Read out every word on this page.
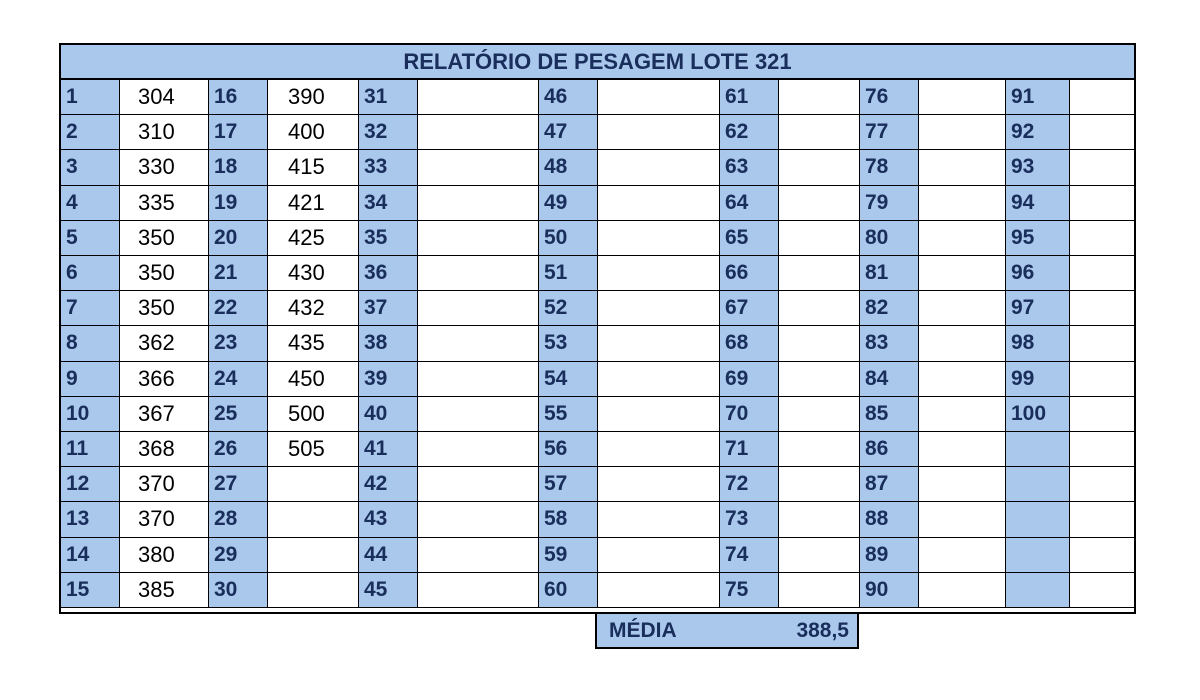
RELATÓRIO DE PESAGEM LOTE 321
1	304
2	310
3	330
4	335
5	350
6	350
7	350
8	362
9	366
10	367
11	368
12	370
13	370
14	380
15	385
16	390
17	400
18	415
19	421
20	425
21	430
22	432
23	435
24	450
25	500
26	505
27
28
29
30
31
32
33
34
35
36
37
38
39
40
41
42
43
44
45
46
47
48
49
50
51
52
53
54
55
56
57
58
59
60
61
62
63
64
65
66
67
68
69
70
71
72
73
74
75
76
77
78
79
80
81
82
83
84
85
86
87
88
89
90
91
92
93
94
95
96
97
98
99
100
MÉDIA	388,5
